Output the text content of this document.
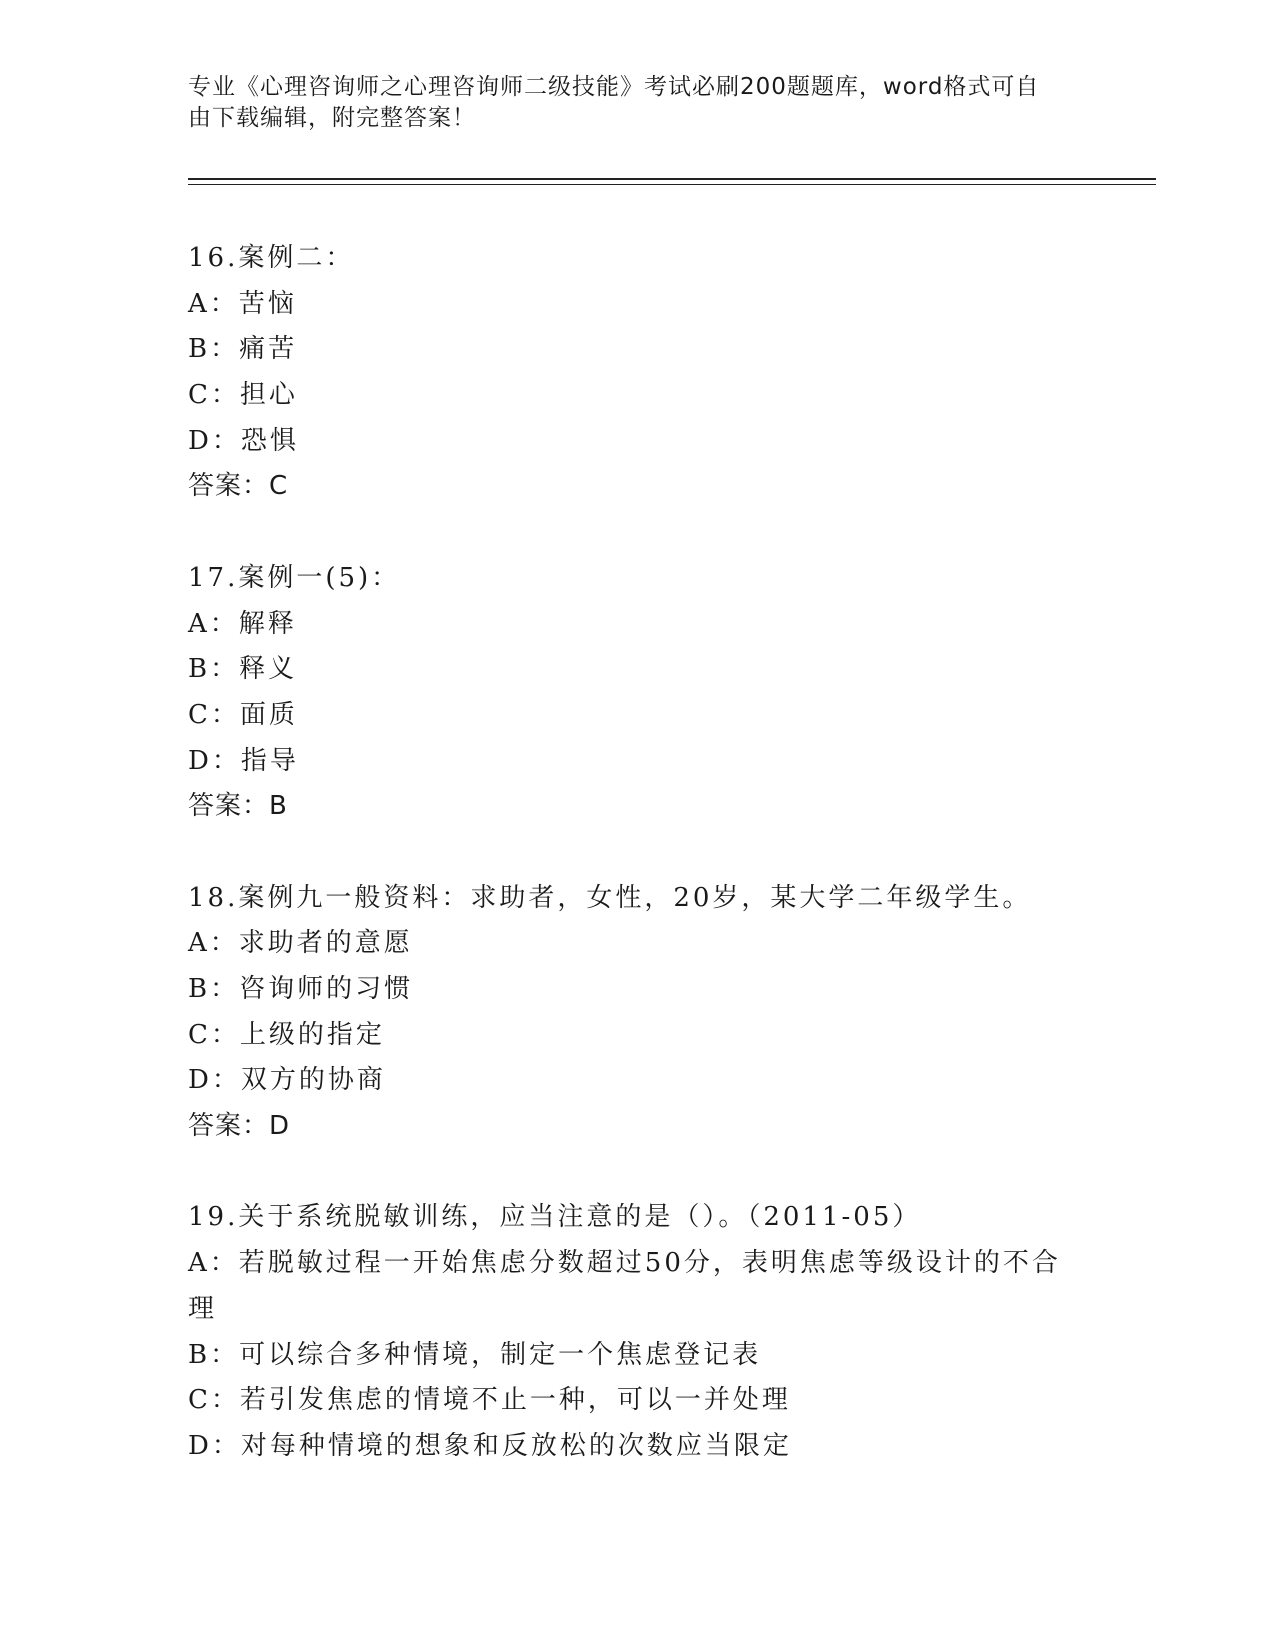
专业《心理咨询师之心理咨询师二级技能》考试必刷200题题库，word格式可自
由下载编辑，附完整答案！
16.案例二：
A：苦恼
B：痛苦
C：担心
D：恐惧
答案：C
17.案例一(5)：
A：解释
B：释义
C：面质
D：指导
答案：B
18.案例九一般资料：求助者，女性，20岁，某大学二年级学生。
A：求助者的意愿
B：咨询师的习惯
C：上级的指定
D：双方的协商
答案：D
19.关于系统脱敏训练，应当注意的是（）。（2011-05）
A：若脱敏过程一开始焦虑分数超过50分，表明焦虑等级设计的不合理
B：可以综合多种情境，制定一个焦虑登记表
C：若引发焦虑的情境不止一种，可以一并处理
D：对每种情境的想象和反放松的次数应当限定
